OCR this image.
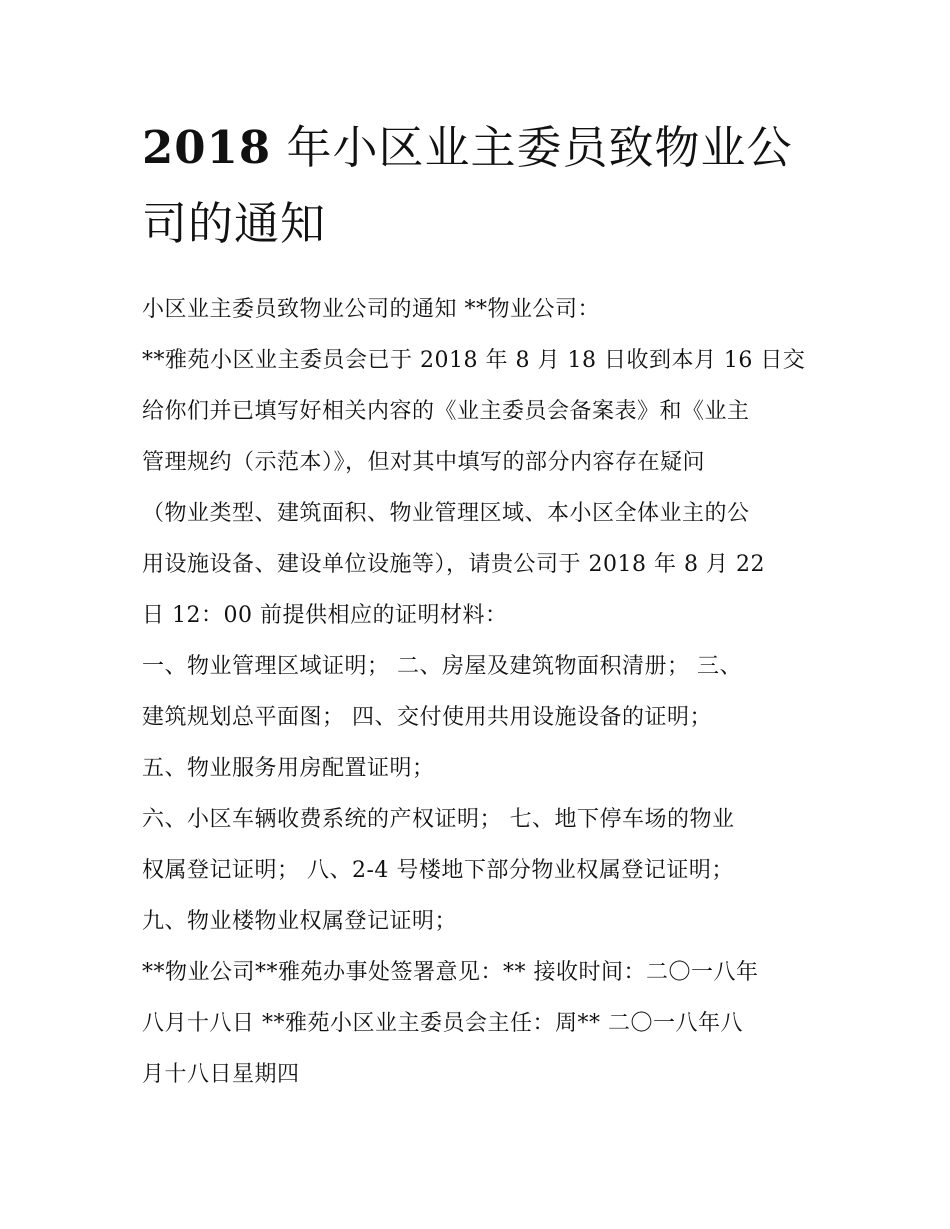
2018 年小区业主委员致物业公
司的通知
小区业主委员致物业公司的通知 **物业公司：
**雅苑小区业主委员会已于 2018 年 8 月 18 日收到本月 16 日交
给你们并已填写好相关内容的《业主委员会备案表》和《业主
管理规约（示范本）》，但对其中填写的部分内容存在疑问
（物业类型、建筑面积、物业管理区域、本小区全体业主的公
用设施设备、建设单位设施等），请贵公司于 2018 年 8 月 22
日 12：00 前提供相应的证明材料：
一、物业管理区域证明； 二、房屋及建筑物面积清册； 三、
建筑规划总平面图； 四、交付使用共用设施设备的证明；
五、物业服务用房配置证明；
六、小区车辆收费系统的产权证明； 七、地下停车场的物业
权属登记证明； 八、2-4 号楼地下部分物业权属登记证明；
九、物业楼物业权属登记证明；
**物业公司**雅苑办事处签署意见：** 接收时间：二〇一八年
八月十八日 **雅苑小区业主委员会主任：周** 二〇一八年八
月十八日星期四
